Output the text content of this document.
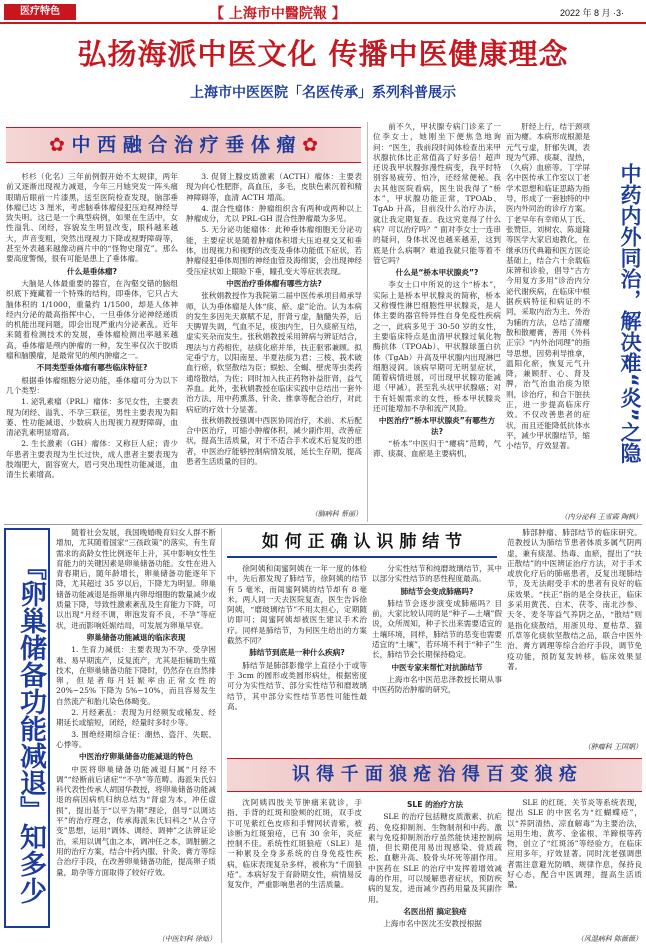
医疗特色	【 上海市中醫院報 】	2022 年 8 月 ·3·
弘扬海派中医文化 传播中医健康理念
上海市中医医院「名医传承」系列科普展示
✿ 中 西 融 合 治 疗 垂 体 瘤 ✿

杉杉（化名）三年前例假开始不太规律，两年前又逐渐出现视力减退，今年三月她突发一阵头痛眼睛后眼前一片漆黑，送至医院检查发现，脑部垂体瘤已达 3 厘米，考虑脑垂体瘤侵犯压迫视神经导致失明。这已是一个典型病例，如果在生活中，女性溢乳、闭经，容貌发生明显改变，眼科越来越大，声音变粗，突然出现视力下降或视野障碍等，甚至外表越来越像动画片中的“怪物史瑞克”。那么要高度警惕，很有可能是患上了垂体瘤。

什么是垂体瘤?

大脑是人体最重要的器官，在沟壑交错的脑组织底下掩藏着一个特殊的结构，即垂体，它只占大脑体积的 1/1000，重量约 1/1500，却是人体神经内分泌的最高指挥中心，一旦垂体分泌神经递质的机能出现问题，即会出现严重内分泌紊乱。近年来随着检测技术的发展，垂体瘤检测出率越来越高，垂体瘤是颅内肿瘤的一种，发生率仅次于胶质瘤和脑膜瘤，是最常见的颅内肿瘤之一。

不同类型垂体瘤有哪些临床特征?

根据垂体瘤细胞分泌功能，垂体瘤可分为以下几个类型：

1. 泌乳素瘤（PRL）瘤体：多见女性，主要表现为闭经、溢乳、不孕三联征，男性主要表现为阳萎、性功能减退、少数病人出现视力视野障碍，血清泌乳素明显增高。

2. 生长激素（GH）瘤体：又称巨人症；青少年患者主要表现为生长过快，成人患者主要表现为肢端肥大，面容宽大，眉弓突出现性功能减退，血清生长素增高。

3. 促肾上腺皮质激素（ACTH）瘤体：主要表现为向心性肥胖，高血压，多毛，皮肤色素沉着和精神障碍等，血清 ACTH 增高。

4. 混合性瘤体：肿瘤组织含有两种或两种以上肿瘤成分，尤以 PRL-GH 混合性肿瘤最为多见。

5. 无分泌功能瘤体：此种垂体瘤细胞无分泌功能，主要症状是随着肿瘤体积增大压迫视交叉和垂体，出现视力和视野的改变及垂体功能低下症状，若肿瘤侵犯垂体周围的神经血管及海绵窦，会出现神经受压症状如上眼睑下垂，瞳孔变大等症状表现。

中医治疗垂体瘤有哪些方法?

张秋娟教授作为我院第二届中医传承项目师承导师，认为垂体瘤是人体“痰、瘀、虚”论治。认为本病的发生多因先天禀赋不足，肝肾亏虚，脑髓失养，后天脾胃失调，气血不足，痰浊内生，日久痰瘀互结，虚实夹杂而发生。张秋娟教授采用辨病与辨证结合，理法与方药相佐，祛痰化瘀并举，扶正驱邪兼顾。拟定垂宁方，以阳南星、半夏祛痰为君；三棱、莪术破血行瘀，软坚散结为臣；蜈蚣、全蝎、壁虎等虫类药通络散结，为佐；同时加入扶正药物补益肝肾，益气养血。此外，张秋娟教授在临床实践中总结出一套外治方法，用中药熏蒸、针灸、推拿等配合治疗，对此病症的疗效十分显著。

张秋娟教授强调中西医协同治疗，术前、术后配合中医治疗，可缩小肿瘤体积，减少副作用，改善症状，提高生活质量，对于不适合手术或术后复发的患者，中医治疗能够控制病情发展，延长生存期，提高患者生活质量的目的。

（脑病科 蔡丽）

前不久，甲状腺专病门诊来了一位李女士，她刚坐下便焦急地询问：“医生，我前段时间体检查出来甲状腺抗体比正常值高了好多倍！超声还说我甲状腺弥漫性病变，我平时特别容易疲劳、怕冷，还经常便秘。我去其他医院看病，医生说我得了“桥本”，甲状腺功能正常，TPOAb、TgAb 升高，目前没什么治疗办法，就让我定期复查。我这究竟得了什么病？可以治疗吗？” 面对李女士一连串的疑问，身体状况也越来越差，这到底是什么病啊？难道我就只能等着不管它吗？

什么是“桥本甲状腺炎”?

李女士口中所说的这个“桥本”，实际上是桥本甲状腺炎的简称，桥本又称慢性淋巴细胞性甲状腺炎，是人体主要的器官特异性自身免疫性疾病之一，此病多见于 30-50 岁的女性，主要临床特点是血清甲状腺过氧化物酶抗体（TPOAb）、甲状腺球蛋白抗体（TgAb）升高及甲状腺内出现淋巴细胞浸润。该病早期可无明显症状，随着病情进展，可出现甲状腺功能减退（甲减），甚至乳头状甲状腺癌；对于有妊娠需求的女性，桥本甲状腺炎还可能增加不孕和流产风险。

中医治疗“桥本甲状腺炎”有哪些方法?

“桥本”中医归于“瘿病”范畴，气滞、痰凝、血瘀是主要病机，

肝经上行，结于颈项而为瘿。本病形成根源是元气亏虚，肝郁失调，表现为气滞、痰凝、湿热，（久病）血瘀等。丁学屏名中医传承工作室以丁老学术思想和临证思路为指导，形成了一套独特的中医内外同治的诊疗方案。丁老早年有幸师从丁氏、张赞臣、刘树农、陈道隆等医学大家启迪教化，在继承历代典籍和医方医论基础上，结合六十余载临床辨和诊验，倡导“古方今用复方多用”诊治内分泌代谢疾病，在临床中根据疾病特征和病证的不同，采取内治为主、外治为辅的方法，总结了清瘿散和散瘿膏，善用《外科正宗》“内外治同理”的指导思想，因势利导推拿，温阳化瘀，恢复元气升降，兼顾肝、心、肾及脾，治气治血治痰为原则，诊治疗，和合下脏扶正，进一步提高临床疗效。不仅改善患者的症状，而且还能降低抗体水平，减少甲状腺结节，缩小结节，疗效显著。	中药内外同治，解决难“炎”之隐
（内分泌科 王雪霞 陶枫）
『卵巢储备功能减退』知多少

随着社会发展，我国晚婚晚育妇女人群不断增加，尤其随着国家“三孩政策”的落实，有生育需求的高龄女性比例逐年上升，其中影响女性生育能力的关键因素是卵巢储备功能。女性在进入青春期后，随年龄增长，卵巢储备功能逐年下降，尤其超过 35 岁以后，下降尤为明显。卵巢储备功能减退是指卵巢内卵母细胞的数量减少或质量下降，导致性激素紊乱及生育能力下降，可以出现“月经不调，卵泡发育不良，不孕”等症状，进而影响妊娠结局，可发展为卵巢早衰。

卵巢储备功能减退的临床表现

1. 生育力减低：主要表现为不孕、受孕困难、易早期流产，反复流产，尤其是拒辅助生殖技术，在卵巢储备功能下降时，仍然存在自然排卵，但是者每月妊娠率由正常女性的 20%~25% 下降为 5%~10%，而且容易发生自然流产和胎儿染色体畸变。

2. 月经紊乱：表现为月经频发或稀发、经期延长或缩短，闭经，经量时多时少等。

3. 围绝经期综合征：潮热、盗汗、失眠、心悸等。

中医治疗卵巢储备功能减退的特色

中医将卵巢储备功能减退归属“月经不调”“经断前后诸症”“不孕”等范畴。海派朱氏妇科代表性传承人胡国华教授，将卵巢储备功能减退的病因病机归纳总结为“肾虚为本，冲任虚损”，提出基于“以平为期”理论，倡导“以调达平”的治疗理念，传承海派朱氏妇科之“从合守变”思想，运用“调体、调经、调神”之法辨证论治，采用以调气血之本，调冲任之本，调脏腑之用的治疗方案，结合中药内服、针灸、膏方等综合治疗手段，在改善卵巢储备功能，提高卵子质量，助孕等方面取得了较好疗效。

（中医妇科 徐灿）
如 何 正 确 认 识 肺 结 节

徐阿姨和闺蜜阿姨在一年一度的体检中，先后都发现了肺结节，徐阿姨的结节有 5 毫米，而闺蜜阿姨的结节却有 8 毫米。两人同一天去医院复查，医生告诉徐阿姨，“磨玻璃结节”不用太担心，定期随访即可；闺蜜阿姨却被医生建议手术治疗。同样是肺结节，为何医生给出的方案截然不同？

肺结节到底是一种什么疾病?

肺结节是肺部影像学上直径小于或等于 3cm 的圆形或类圆形病灶，根据密度可分为实性结节、部分实性结节和磨玻璃结节，其中部分实性结节恶性可能性最高。

分实性结节和纯磨玻璃结节，其中以部分实性结节的恶性程度最高。

肺结节会变成肺癌吗?

肺结节会逐步演变成肺癌吗？目前，大家比较认同的是“种子—土壤”假说，众所周知，种子长出来需要适宜的土壤环境，同样，肺结节的恶变也需要适宜的“土壤”，若环境不利于“种子”生长，肺结节会长期保持稳定。

中医专家来帮忙对抗肺结节

上海市名中医范忠泽教授长期从事中医药防治肿瘤的研究，

肺部肿瘤、肺部结节的临床研究。范教授认为肺结节患者体质多属气阴两虚，兼有痰湿、热毒、血瘀，提出了“扶正散结”的中医辨证治疗方法，对于手术或放化疗后的肺癌患者，反复出现肺结节，及无法耐受手术的患者有良好的临床效果。“扶正”指的是全身扶正，临床多采用黄芪、白术、茯苓、南北沙参、天冬、麦冬等益气养阴之品，“散结”则是指化痰散结，用浙贝母、夏枯草、猫爪草等化痰软坚散结之品，联合中医外治、膏方调理等综合治疗手段，调节免疫功能，预防复发转移，临床效果显著。

（肿瘤科 王国娟）
识 得 千 面 狼 疮 治 得 百 变 狼 疮

沈阿姨四肢关节肿痛来就诊，手指、手背的红斑和脸颊的红斑，双手皮下可见紫红色皮疹和手臂网状青紫，被诊断为红斑狼疮，已有 30 余年，炎症控制不佳。系统性红斑狼疮（SLE）是一种累及全身多系统的自身免疫性疾病，临床表现复杂多样，被称为“千面狼疮”。本病好发于育龄期女性，病情易反复发作，严重影响患者的生活质量。

SLE 的治疗方法

SLE 的治疗包括糖皮质激素、抗疟药、免疫抑制剂、生物制剂和中药。激素与免疫抑制剂治疗虽然能快速控制病情，但长期使用易出现感染、骨质疏松、血糖升高、股骨头坏死等副作用。中医药在 SLE 的治疗中发挥着增效减毒的作用，可以缓解患者症状，预防疾病的复发，进而减少西药用量及其副作用。

名医出招 搞定狼疮

上海市名中医沈丕安教授根据

SLE 的红斑、关节炎等系统表现，提出 SLE 的中医名为“红蝴蝶疮”，以“养阴清热、凉血解毒”为主要治法，运用生地、黄芩、金雀根、羊蹄根等药物，创立了“红斑汤”等经验方，在临床应用多年，疗效显著。同时沈老强调患者需注意避光防晒、规律作息，保持良好心态，配合中医调理，提高生活质量。

（风湿病科 陈薇薇）
